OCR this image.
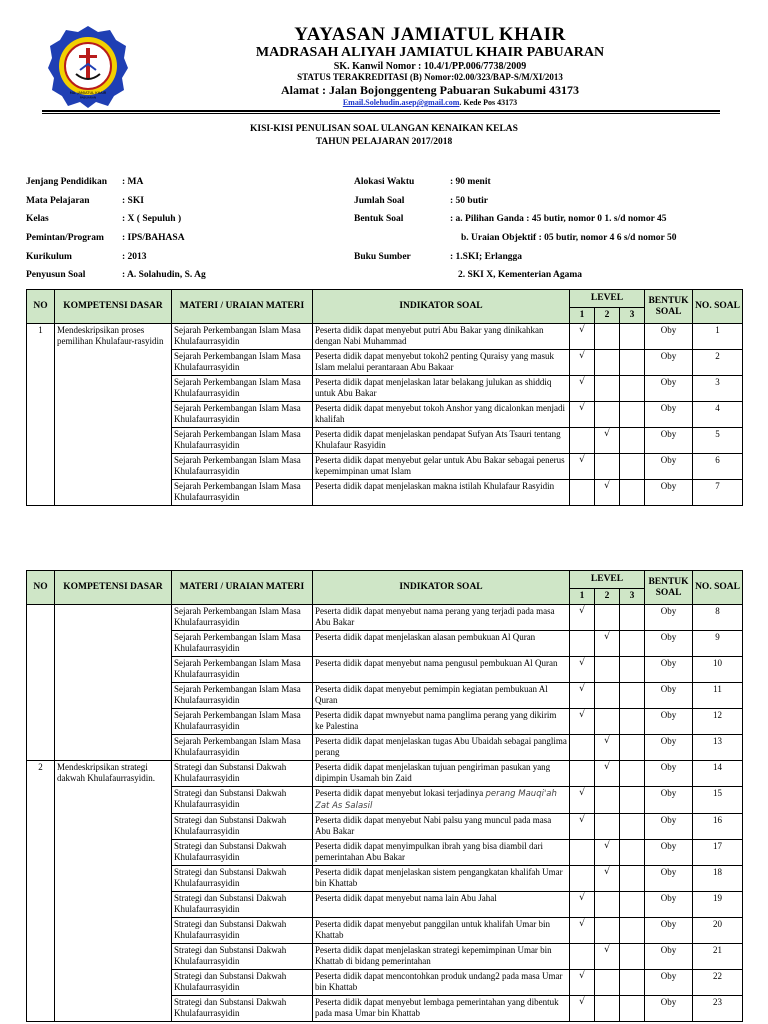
MA. JAMIATUL KHAIR
PABUARAN
YAYASAN JAMIATUL KHAIR
MADRASAH ALIYAH JAMIATUL KHAIR PABUARAN
SK. Kanwil Nomor : 10.4/1/PP.006/7738/2009
STATUS TERAKREDITASI (B) Nomor:02.00/323/BAP-S/M/XI/2013
Alamat : Jalan Bojonggenteng Pabuaran Sukabumi 43173
Email.Solehudin.asep@gmail.com. Kede Pos 43173
KISI-KISI PENULISAN SOAL ULANGAN KENAIKAN KELAS
TAHUN PELAJARAN 2017/2018
Jenjang Pendidikan : MA
Mata Pelajaran	: SKI
Kelas	: X ( Sepuluh )
Pemintan/Program : IPS/BAHASA
Kurikulum	: 2013
Penyusun Soal	: A. Solahudin, S. Ag
Alokasi Waktu	: 90 menit
Jumlah Soal	: 50 butir
Bentuk Soal	: a. Pilihan Ganda : 45 butir, nomor 0 1. s/d nomor 45
b. Uraian Objektif : 05 butir, nomor 4 6 s/d nomor 50
Buku Sumber	: 1.SKI; Erlangga
2. SKI X, Kementerian Agama
NO	KOMPETENSI DASAR	MATERI / URAIAN MATERI	INDIKATOR SOAL	LEVEL			BENTUK SOAL	NO. SOAL
				1	2	3		
1	Mendeskripsikan proses pemilihan Khulafaur-rasyidin	Sejarah Perkembangan Islam Masa Khulafaurrasyidin	Peserta didik dapat menyebut putri Abu Bakar yang dinikahkan dengan Nabi Muhammad	√			Oby	1
		Sejarah Perkembangan Islam Masa Khulafaurrasyidin	Peserta didik dapat menyebut tokoh2 penting Quraisy yang masuk Islam melalui perantaraan Abu Bakaar	√			Oby	2
		Sejarah Perkembangan Islam Masa Khulafaurrasyidin	Peserta didik dapat menjelaskan latar belakang julukan as shiddiq untuk Abu Bakar	√			Oby	3
		Sejarah Perkembangan Islam Masa Khulafaurrasyidin	Peserta didik dapat menyebut tokoh Anshor yang dicalonkan menjadi khalifah	√			Oby	4
		Sejarah Perkembangan Islam Masa Khulafaurrasyidin	Peserta didik dapat menjelaskan pendapat Sufyan Ats Tsauri tentang Khulafaur Rasyidin		√		Oby	5
		Sejarah Perkembangan Islam Masa Khulafaurrasyidin	Peserta didik dapat menyebut gelar untuk Abu Bakar sebagai penerus kepemimpinan umat Islam	√			Oby	6
		Sejarah Perkembangan Islam Masa Khulafaurrasyidin	Peserta didik dapat menjelaskan makna istilah Khulafaur Rasyidin		√		Oby	7
NO	KOMPETENSI DASAR	MATERI / URAIAN MATERI	INDIKATOR SOAL	LEVEL			BENTUK SOAL	NO. SOAL
				1	2	3		
		Sejarah Perkembangan Islam Masa Khulafaurrasyidin	Peserta didik dapat menyebut nama perang yang terjadi pada masa Abu Bakar	√			Oby	8
		Sejarah Perkembangan Islam Masa Khulafaurrasyidin	Peserta didik dapat menjelaskan alasan pembukuan Al Quran		√		Oby	9
		Sejarah Perkembangan Islam Masa Khulafaurrasyidin	Peserta didik dapat menyebut nama pengusul pembukuan Al Quran	√			Oby	10
		Sejarah Perkembangan Islam Masa Khulafaurrasyidin	Peserta didik dapat menyebut pemimpin kegiatan pembukuan Al Quran	√			Oby	11
		Sejarah Perkembangan Islam Masa Khulafaurrasyidin	Peserta didik dapat mwnyebut nama panglima perang yang dikirim ke Palestina	√			Oby	12
		Sejarah Perkembangan Islam Masa Khulafaurrasyidin	Peserta didik dapat menjelaskan tugas Abu Ubaidah sebagai panglima perang		√		Oby	13
2	Mendeskripsikan strategi dakwah Khulafaurrasyidin.	Strategi dan Substansi Dakwah Khulafaurrasyidin	Peserta didik dapat menjelaskan tujuan pengiriman pasukan yang dipimpin Usamah bin Zaid		√		Oby	14
		Strategi dan Substansi Dakwah Khulafaurrasyidin	Peserta didik dapat menyebut lokasi terjadinya perang Mauqi'ah Zat As Salasil	√			Oby	15
		Strategi dan Substansi Dakwah Khulafaurrasyidin	Peserta didik dapat menyebut Nabi palsu yang muncul pada masa Abu Bakar	√			Oby	16
		Strategi dan Substansi Dakwah Khulafaurrasyidin	Peserta didik dapat menyimpulkan ibrah yang bisa diambil dari pemerintahan Abu Bakar		√		Oby	17
		Strategi dan Substansi Dakwah Khulafaurrasyidin	Peserta didik dapat menjelaskan sistem pengangkatan khalifah Umar bin Khattab		√		Oby	18
		Strategi dan Substansi Dakwah Khulafaurrasyidin	Peserta didik dapat menyebut nama lain Abu Jahal	√			Oby	19
		Strategi dan Substansi Dakwah Khulafaurrasyidin	Peserta didik dapat menyebut panggilan untuk khalifah Umar bin Khattab	√			Oby	20
		Strategi dan Substansi Dakwah Khulafaurrasyidin	Peserta didik dapat menjelaskan strategi kepemimpinan Umar bin Khattab di bidang pemerintahan		√		Oby	21
		Strategi dan Substansi Dakwah Khulafaurrasyidin	Peserta didik dapat mencontohkan produk undang2 pada masa Umar bin Khattab	√			Oby	22
		Strategi dan Substansi Dakwah Khulafaurrasyidin	Peserta didik dapat menyebut lembaga pemerintahan yang dibentuk pada masa Umar bin Khattab	√			Oby	23
